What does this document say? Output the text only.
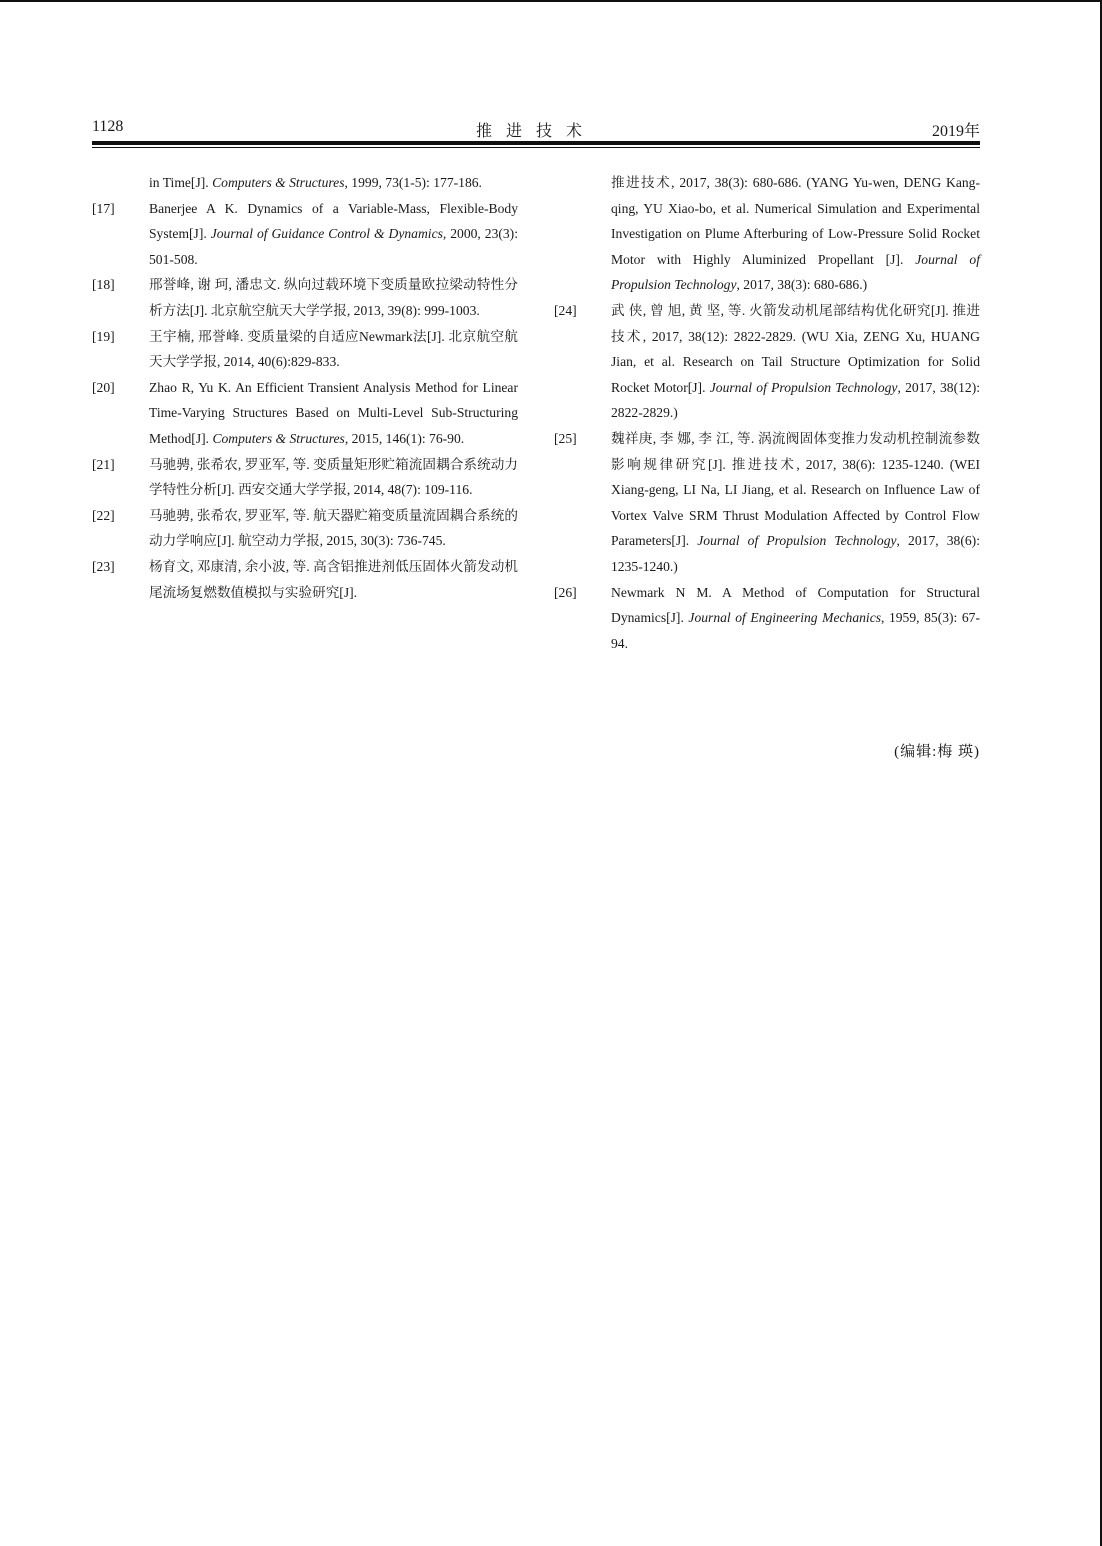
1128	推进技术	2019年
in Time[J]. Computers & Structures, 1999, 73(1-5): 177-186.
[17]	Banerjee A K. Dynamics of a Variable-Mass, Flexible-Body System[J]. Journal of Guidance Control & Dynamics, 2000, 23(3): 501-508.
[18]	邢誉峰, 谢 珂, 潘忠文. 纵向过载环境下变质量欧拉梁动特性分析方法[J]. 北京航空航天大学学报, 2013, 39(8): 999-1003.
[19]	王宇楠, 邢誉峰. 变质量梁的自适应Newmark法[J]. 北京航空航天大学学报, 2014, 40(6):829-833.
[20]	Zhao R, Yu K. An Efficient Transient Analysis Method for Linear Time-Varying Structures Based on Multi-Level Sub-Structuring Method[J]. Computers & Structures, 2015, 146(1): 76-90.
[21]	马驰骋, 张希农, 罗亚军, 等. 变质量矩形贮箱流固耦合系统动力学特性分析[J]. 西安交通大学学报, 2014, 48(7): 109-116.
[22]	马驰骋, 张希农, 罗亚军, 等. 航天器贮箱变质量流固耦合系统的动力学响应[J]. 航空动力学报, 2015, 30(3): 736-745.
[23]	杨育文, 邓康清, 余小波, 等. 高含铝推进剂低压固体火箭发动机尾流场复燃数值模拟与实验研究[J].
推进技术, 2017, 38(3): 680-686. (YANG Yu-wen, DENG Kang-qing, YU Xiao-bo, et al. Numerical Simulation and Experimental Investigation on Plume Afterburing of Low-Pressure Solid Rocket Motor with Highly Aluminized Propellant [J]. Journal of Propulsion Technology, 2017, 38(3): 680-686.)
[24]	武 侠, 曾 旭, 黄 坚, 等. 火箭发动机尾部结构优化研究[J]. 推进技术, 2017, 38(12): 2822-2829. (WU Xia, ZENG Xu, HUANG Jian, et al. Research on Tail Structure Optimization for Solid Rocket Motor[J]. Journal of Propulsion Technology, 2017, 38(12): 2822-2829.)
[25]	魏祥庚, 李 娜, 李 江, 等. 涡流阀固体变推力发动机控制流参数影响规律研究[J]. 推进技术, 2017, 38(6): 1235-1240. (WEI Xiang-geng, LI Na, LI Jiang, et al. Research on Influence Law of Vortex Valve SRM Thrust Modulation Affected by Control Flow Parameters[J]. Journal of Propulsion Technology, 2017, 38(6): 1235-1240.)
[26]	Newmark N M. A Method of Computation for Structural Dynamics[J]. Journal of Engineering Mechanics, 1959, 85(3): 67-94.
(编辑:梅 瑛)
